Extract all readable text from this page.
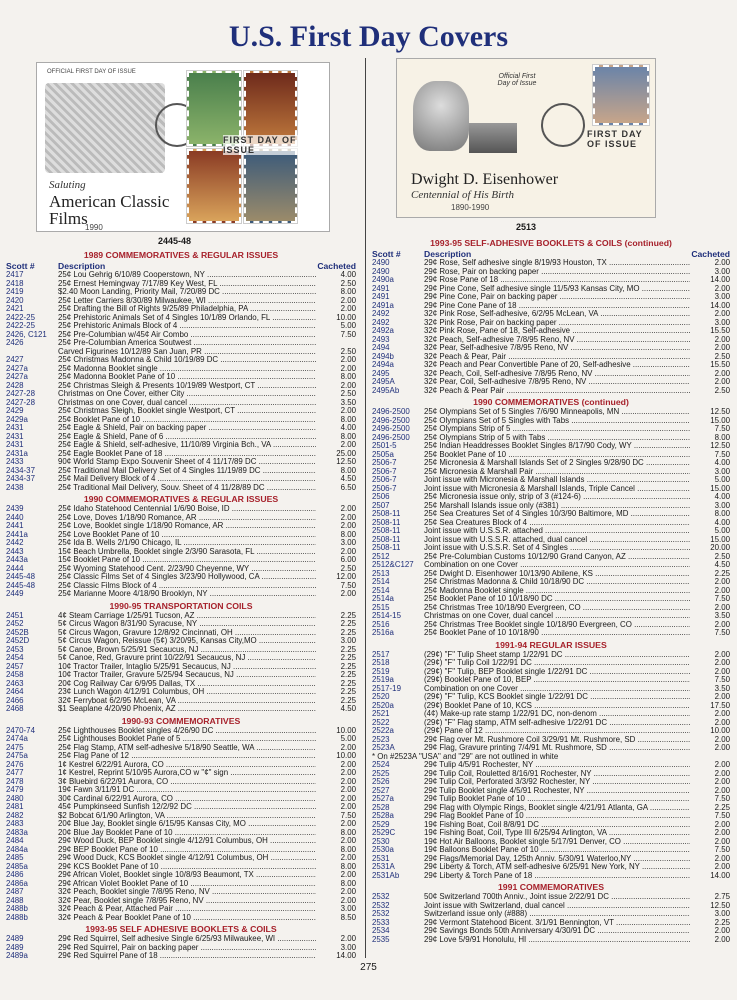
U.S. First Day Covers
OFFICIAL FIRST DAY OF ISSUE
Saluting
American Classic Films
1990
FIRST DAY OF ISSUE
2445-48
1989 COMMEMORATIVES & REGULAR ISSUES
Scott #	Description	Cacheted
2417	25¢ Lou Gehrig 6/10/89 Cooperstown, NY .....	4.00
2418	25¢ Ernest Hemingway 7/17/89 Key West, FL .....	2.50
2419	$2.40 Moon Landing, Priority Mail, 7/20/89 DC .....	8.00
2420	25¢ Letter Carriers 8/30/89 Milwaukee, WI .....	2.00
2421	25¢ Drafting the Bill of Rights 9/25/89 Philadelphia, PA .....	2.00
2422-25	25¢ Prehistoric Animals Set of 4 Singles 10/1/89 Orlando, FL .....	10.00
2422-25	25¢ Prehistoric Animals Block of 4 .....	5.00
2426, C121	25¢ Pre-Columbian w/45¢ Air Combo .....	7.50
2426	25¢ Pre-Columbian America Soutwest .....
Carved Figurines 10/12/89 San Juan, PR .....	2.50
2427	25¢ Christmas Madonna & Child 10/19/89 DC .....	2.00
2427a	25¢ Madonna Booklet single .....	2.00
2427a	25¢ Madonna Booklet Pane of 10 .....	8.00
2428	25¢ Christmas Sleigh & Presents 10/19/89 Westport, CT .....	2.00
2427-28	Christmas on One Cover, either City .....	2.50
2427-28	Christmas on one Cover, dual cancel .....	3.50
2429	25¢ Christmas Sleigh, Booklet single Westport, CT .....	2.00
2429a	25¢ Booklet Pane of 10 .....	8.00
2431	25¢ Eagle & Shield, Pair on backing paper .....	4.00
2431	25¢ Eagle & Shield, Pane of 6 .....	8.00
2431	25¢ Eagle & Shield, self-adhesive, 11/10/89 Virginia Bch., VA .....	2.00
2431a	25¢ Eagle Booklet Pane of 18 .....	25.00
2433	90¢ World Stamp Expo Souvenir Sheet of 4 11/17/89 DC .....	12.50
2434-37	25¢ Traditional Mail Delivery Set of 4 Singles 11/19/89 DC .....	8.00
2434-37	25¢ Mail Delivery Block of 4 .....	4.50
2438	25¢ Traditional Mail Delivery, Souv. Sheet of 4 11/28/89 DC .....	6.50
1990 COMMEMORATIVES & REGULAR ISSUES
2439	25¢ Idaho Statehood Centennial 1/6/90 Boise, ID .....	2.00
2440	25¢ Love, Doves 1/18/90 Romance, AR .....	2.00
2441	25¢ Love, Booklet single 1/18/90 Romance, AR .....	2.00
2441a	25¢ Love Booklet Pane of 10 .....	8.00
2442	25¢ Ida B. Wells 2/1/90 Chicago, IL .....	3.00
2443	15¢ Beach Umbrella, Booklet single 2/3/90 Sarasota, FL .....	2.00
2443a	15¢ Booklet Pane of 10 .....	6.00
2444	25¢ Wyoming Statehood Cent. 2/23/90 Cheyenne, WY .....	2.50
2445-48	25¢ Classic Films Set of 4 Singles 3/23/90 Hollywood, CA .....	12.00
2445-48	25¢ Classic Films Block of 4 .....	7.50
2449	25¢ Marianne Moore 4/18/90 Brooklyn, NY .....	2.00
1990-95 TRANSPORTATION COILS
2451	4¢ Steam Carriage 1/25/91 Tucson, AZ .....	2.25
2452	5¢ Circus Wagon 8/31/90 Syracuse, NY .....	2.25
2452B	5¢ Circus Wagon, Gravure 12/8/92 Cincinnati, OH .....	2.25
2452D	5¢ Circus Wagon, Reissue (5¢) 3/20/95, Kansas City,MO .....	3.00
2453	5¢ Canoe, Brown 5/25/91 Secaucus, NJ .....	2.25
2454	5¢ Canoe, Red, Gravure print 10/22/91 Secaucus, NJ .....	2.25
2457	10¢ Tractor Trailer, Intaglio 5/25/91 Secaucus, NJ .....	2.25
2458	10¢ Tractor Trailer, Gravure 5/25/94 Secaucus, NJ .....	2.25
2463	20¢ Cog Railway Car 6/9/95 Dallas, TX .....	2.25
2464	23¢ Lunch Wagon 4/12/91 Columbus, OH .....	2.25
2466	32¢ Ferryboat 6/2/95 McLean, VA .....	2.25
2468	$1 Seaplane 4/20/90 Phoenix, AZ .....	4.50
1990-93 COMMEMORATIVES
2470-74	25¢ Lighthouses Booklet singles 4/26/90 DC .....	10.00
2474a	25¢ Lighthouses Booklet Pane of 5 .....	5.00
2475	25¢ Flag Stamp, ATM self-adhesive 5/18/90 Seattle, WA .....	2.00
2475a	25¢ Flag Pane of 12 .....	10.00
2476	1¢ Kestrel 6/22/91 Aurora, CO .....	2.00
2477	1¢ Kestrel, Reprint 5/10/95 Aurora,CO w "¢" sign .....	2.00
2478	3¢ Bluebird 6/22/91 Aurora, CO .....	2.00
2479	19¢ Fawn 3/11/91 DC .....	2.00
2480	30¢ Cardinal 6/22/91 Aurora, CO .....	2.00
2481	45¢ Pumpkinseed Sunfish 12/2/92 DC .....	2.00
2482	$2 Bobcat 6/1/90 Arlington, VA .....	7.50
2483	20¢ Blue Jay, Booklet single 6/15/95 Kansas City, MO .....	2.00
2483a	20¢ Blue Jay Booklet Pane of 10 .....	8.00
2484	29¢ Wood Duck, BEP Booklet single 4/12/91 Columbus, OH .....	2.00
2484a	29¢ BEP Booklet Pane of 10 .....	8.00
2485	29¢ Wood Duck, KCS Booklet single 4/12/91 Columbus, OH .....	2.00
2485a	29¢ KCS Booklet Pane of 10 .....	8.00
2486	29¢ African Violet, Booklet single 10/8/93 Beaumont, TX .....	2.00
2486a	29¢ African Violet Booklet Pane of 10 .....	8.00
2487	32¢ Peach, Booklet single 7/8/95 Reno, NV .....	2.00
2488	32¢ Pear, Booklet single 7/8/95 Reno, NV .....	2.00
2488b	32¢ Peach & Pear, Attached Pair .....	3.00
2488b	32¢ Peach & Pear Booklet Pane of 10 .....	8.50
1993-95 SELF ADHESIVE BOOKLETS & COILS
2489	29¢ Red Squirrel, Self adhesive Single 6/25/93 Milwaukee, WI .....	2.00
2489	29¢ Red Squirrel, Pair on backing paper .....	3.00
2489a	29¢ Red Squirrel Pane of 18 .....	14.00
Official First Day of Issue
FIRST DAY OF ISSUE
Dwight D. Eisenhower
Centennial of His Birth
1890-1990
2513
1993-95 SELF-ADHESIVE BOOKLETS & COILS (continued)
Scott #	Description	Cacheted
2490	29¢ Rose, Self adhesive single 8/19/93 Houston, TX .....	2.00
2490	29¢ Rose, Pair on backing paper .....	3.00
2490a	29¢ Rose Pane of 18 .....	14.00
2491	29¢ Pine Cone, Self adhesive single 11/5/93 Kansas City, MO .....	2.00
2491	29¢ Pine Cone, Pair on backing paper .....	3.00
2491a	29¢ Pine Cone Pane of 18 .....	14.00
2492	32¢ Pink Rose, Self-adhesive, 6/2/95 McLean, VA .....	2.00
2492	32¢ Pink Rose, Pair on backing paper .....	3.00
2492a	32¢ Pink Rose, Pane of 18, Self-adhesive .....	15.50
2493	32¢ Peach, Self-adhesive 7/8/95 Reno, NV .....	2.00
2494	32¢ Pear, Self-adhesive 7/8/95 Reno, NV .....	2.00
2494b	32¢ Peach & Pear, Pair .....	2.50
2494a	32¢ Peach and Pear Convertible Pane of 20, Self-adhesive .....	15.50
2495	32¢ Peach, Coil, Self-adhesive 7/8/95 Reno, NV .....	2.00
2495A	32¢ Pear, Coil, Self-adhesive 7/8/95 Reno, NV .....	2.00
2495Ab	32¢ Peach & Pear Pair .....	2.50
1990 COMMEMORATIVES (continued)
2496-2500	25¢ Olympians Set of 5 Singles 7/6/90 Minneapolis, MN .....	12.50
2496-2500	25¢ Olympians Set of 5 Singles with Tabs .....	15.00
2496-2500	25¢ Olympians Strip of 5 .....	7.50
2496-2500	25¢ Olympians Strip of 5 with Tabs .....	8.00
2501-5	25¢ Indian Headdresses Booklet Singles 8/17/90 Cody, WY .....	12.50
2505a	25¢ Booklet Pane of 10 .....	7.50
2506-7	25¢ Micronesia & Marshall Islands Set of 2 Singles 9/28/90 DC .....	4.00
2506-7	25¢ Micronesia & Marshall Pair .....	3.00
2506-7	Joint issue with Micronesia & Marshall Islands .....	5.00
2506-7	Joint issue with Micronesia & Marshall Islands, Triple Cancel .....	15.00
2506	25¢ Micronesia issue only, strip of 3 (#124-6) .....	4.00
2507	25¢ Marshall Islands issue only (#381) .....	3.00
2508-11	25¢ Sea Creatures Set of 4 Singles 10/3/90 Baltimore, MD .....	8.00
2508-11	25¢ Sea Creatures Block of 4 .....	4.00
2508-11	Joint issue with U.S.S.R. attached .....	5.00
2508-11	Joint issue with U.S.S.R. attached, dual cancel .....	15.00
2508-11	Joint issue with U.S.S.R. Set of 4 Singles .....	20.00
2512	25¢ Pre-Columbian Customs 10/12/90 Grand Canyon, AZ .....	2.50
2512&C127	Combination on one Cover .....	4.50
2513	25¢ Dwight D. Eisenhower 10/13/90 Abilene, KS .....	2.25
2514	25¢ Christmas Madonna & Child 10/18/90 DC .....	2.00
2514	25¢ Madonna Booklet single .....	2.00
2514a	25¢ Booklet Pane of 10 10/18/90 DC .....	7.50
2515	25¢ Christmas Tree 10/18/90 Evergreen, CO .....	2.00
2514-15	Christmas on one Cover, dual cancel .....	3.50
2516	25¢ Christmas Tree Booklet single 10/18/90 Evergreen, CO .....	2.00
2516a	25¢ Booklet Pane of 10 10/18/90 .....	7.50
1991-94 REGULAR ISSUES
2517	(29¢) "F" Tulip Sheet stamp 1/22/91 DC .....	2.00
2518	(29¢) "F" Tulip Coil 1/22/91 DC .....	2.00
2519	(29¢) "F" Tulip, BEP Booklet single 1/22/91 DC .....	2.00
2519a	(29¢) Booklet Pane of 10, BEP .....	7.50
2517-19	Combination on one Cover .....	3.50
2520	(29¢) "F" Tulip, KCS Booklet single 1/22/91 DC .....	2.00
2520a	(29¢) Booklet Pane of 10, KCS .....	17.50
2521	(4¢) Make-up rate stamp 1/22/91 DC, non-denom .....	2.00
2522	(29¢) "F" Flag stamp, ATM self-adhesive 1/22/91 DC .....	2.00
2522a	(29¢) Pane of 12 .....	10.00
2523	29¢ Flag over Mt. Rushmore Coil 3/29/91 Mt. Rushmore, SD .....	2.00
2523A	29¢ Flag, Gravure printing 7/4/91 Mt. Rushmore, SD .....	2.00
* On #2523A "USA" and "29" are not outlined in white
2524	29¢ Tulip 4/5/91 Rochester, NY .....	2.00
2525	29¢ Tulip Coil, Rouletted 8/16/91 Rochester, NY .....	2.00
2526	29¢ Tulip Coil, Perforated 3/3/92 Rochester, NY .....	2.00
2527	29¢ Tulip Booklet single 4/5/91 Rochester, NY .....	2.00
2527a	29¢ Tulip Booklet Pane of 10 .....	7.50
2528	29¢ Flag with Olympic Rings, Booklet single 4/21/91 Atlanta, GA .....	2.25
2528a	29¢ Flag Booklet Pane of 10 .....	7.50
2529	19¢ Fishing Boat, Coil 8/8/91 DC .....	2.00
2529C	19¢ Fishing Boat, Coil, Type III 6/25/94 Arlington, VA .....	2.00
2530	19¢ Hot Air Balloons, Booklet single 5/17/91 Denver, CO .....	2.00
2530a	19¢ Balloons Booklet Pane of 10 .....	7.50
2531	29¢ Flags/Memorial Day, 125th Anniv. 5/30/91 Waterloo,NY .....	2.00
2531A	29¢ Liberty & Torch, ATM self-adhesive 6/25/91 New York, NY .....	2.00
2531Ab	29¢ Liberty & Torch Pane of 18 .....	14.00
1991 COMMEMORATIVES
2532	50¢ Switzerland 700th Anniv., Joint issue 2/22/91 DC .....	2.75
2532	Joint issue with Switzerland, dual cancel .....	12.50
2532	Switzerland issue only (#888) .....	3.00
2533	29¢ Vermont Statehood Bicent. 3/1/91 Bennington, VT .....	2.25
2534	29¢ Savings Bonds 50th Anniversary 4/30/91 DC .....	2.00
2535	29¢ Love 5/9/91 Honolulu, HI .....	2.00
275
